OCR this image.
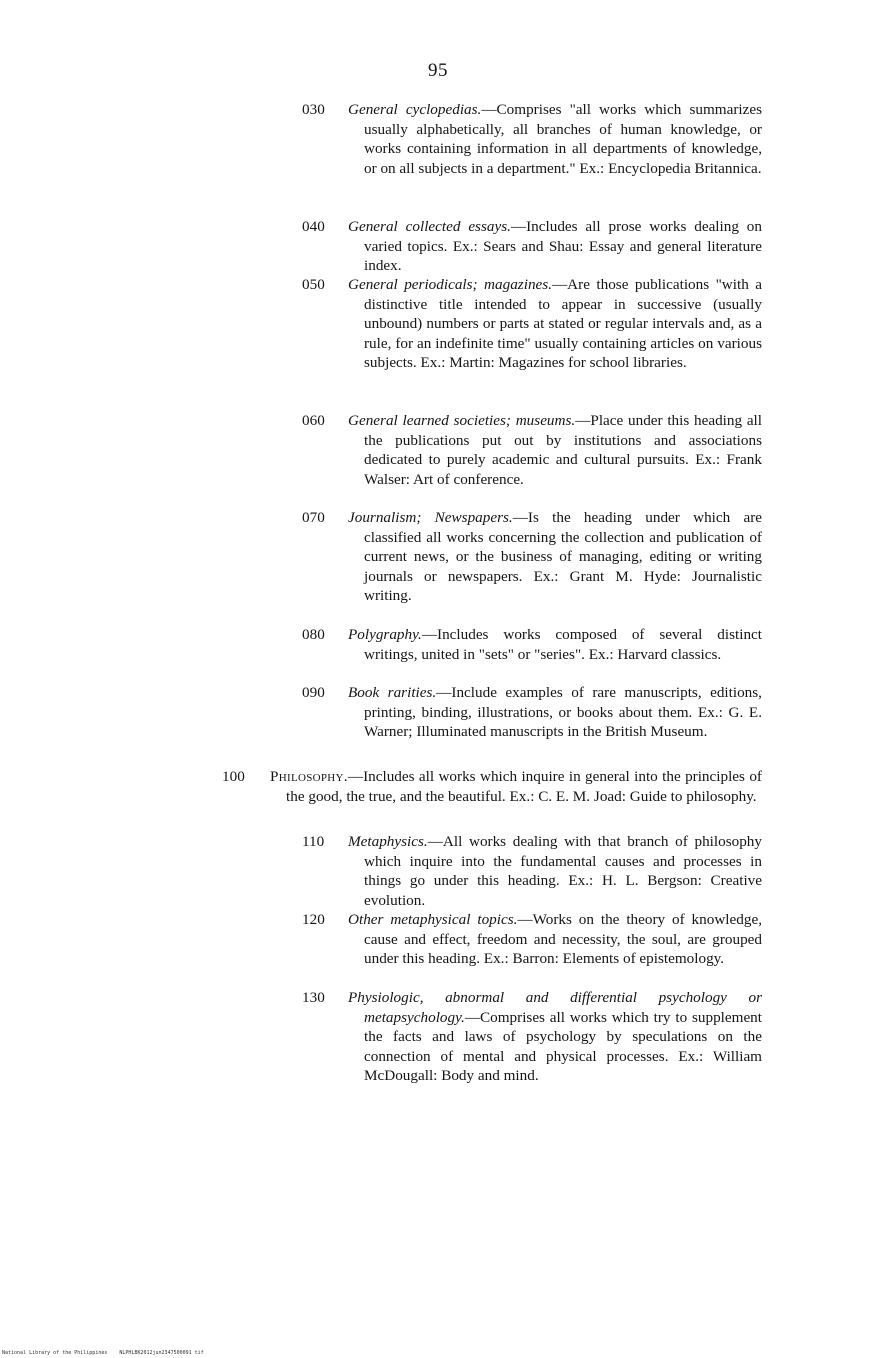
95
030	General cyclopedias.—Comprises "all works which summarizes usually alphabetically, all branches of human knowledge, or works containing information in all departments of knowledge, or on all subjects in a department." Ex.: Encyclopedia Britannica.
040	General collected essays.—Includes all prose works dealing on varied topics. Ex.: Sears and Shau: Essay and general literature index.
050	General periodicals; magazines.—Are those publications "with a distinctive title intended to appear in successive (usually unbound) numbers or parts at stated or regular intervals and, as a rule, for an indefinite time" usually containing articles on various subjects. Ex.: Martin: Magazines for school libraries.
060	General learned societies; museums.—Place under this heading all the publications put out by institutions and associations dedicated to purely academic and cultural pursuits. Ex.: Frank Walser: Art of conference.
070	Journalism; Newspapers.—Is the heading under which are classified all works concerning the collection and publication of current news, or the business of managing, editing or writing journals or newspapers. Ex.: Grant M. Hyde: Journalistic writing.
080	Polygraphy.—Includes works composed of several distinct writings, united in "sets" or "series". Ex.: Harvard classics.
090	Book rarities.—Include examples of rare manuscripts, editions, printing, binding, illustrations, or books about them. Ex.: G. E. Warner; Illuminated manuscripts in the British Museum.
100	Philosophy.—Includes all works which inquire in general into the principles of the good, the true, and the beautiful. Ex.: C. E. M. Joad: Guide to philosophy.
110	Metaphysics.—All works dealing with that branch of philosophy which inquire into the fundamental causes and processes in things go under this heading. Ex.: H. L. Bergson: Creative evolution.
120	Other metaphysical topics.—Works on the theory of knowledge, cause and effect, freedom and necessity, the soul, are grouped under this heading. Ex.: Barron: Elements of epistemology.
130	Physiologic, abnormal and differential psychology or metapsychology.—Comprises all works which try to supplement the facts and laws of psychology by speculations on the connection of mental and physical processes. Ex.: William McDougall: Body and mind.
National Library of the Philippines NLPHLBK2012jun2347500091 tif
